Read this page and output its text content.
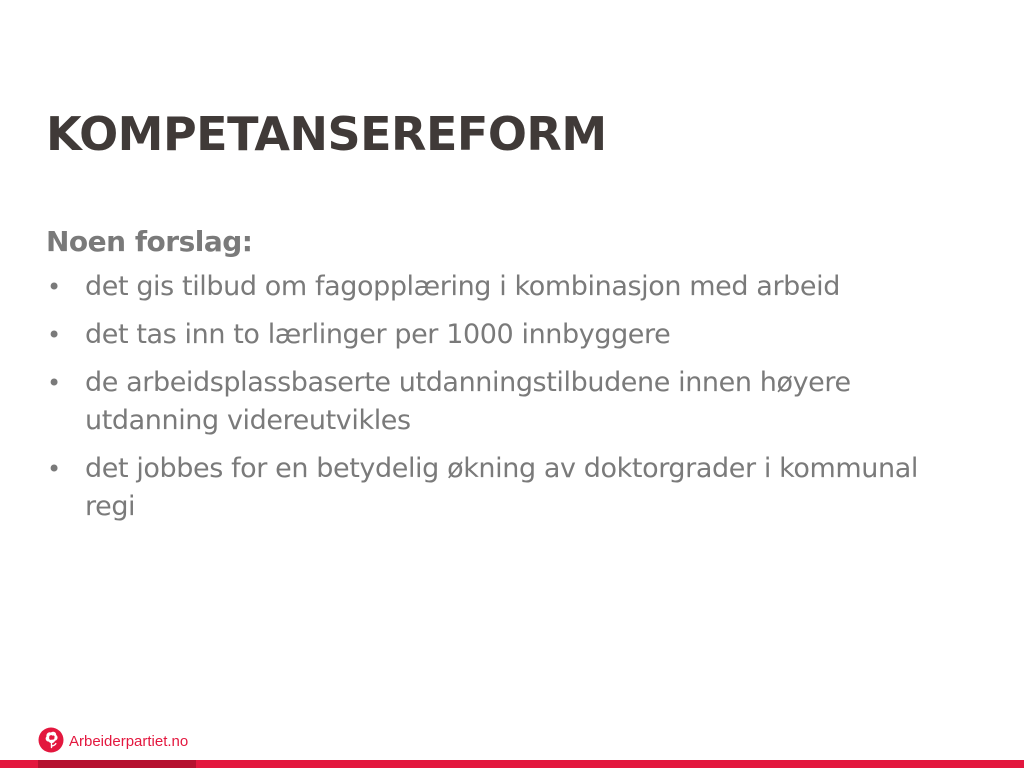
KOMPETANSEREFORM

Noen forslag:

• det gis tilbud om fagopplæring i kombinasjon med arbeid
• det tas inn to lærlinger per 1000 innbyggere
• de arbeidsplassbaserte utdanningstilbudene innen høyere utdanning videreutvikles
• det jobbes for en betydelig økning av doktorgrader i kommunal regi
Arbeiderpartiet.no
